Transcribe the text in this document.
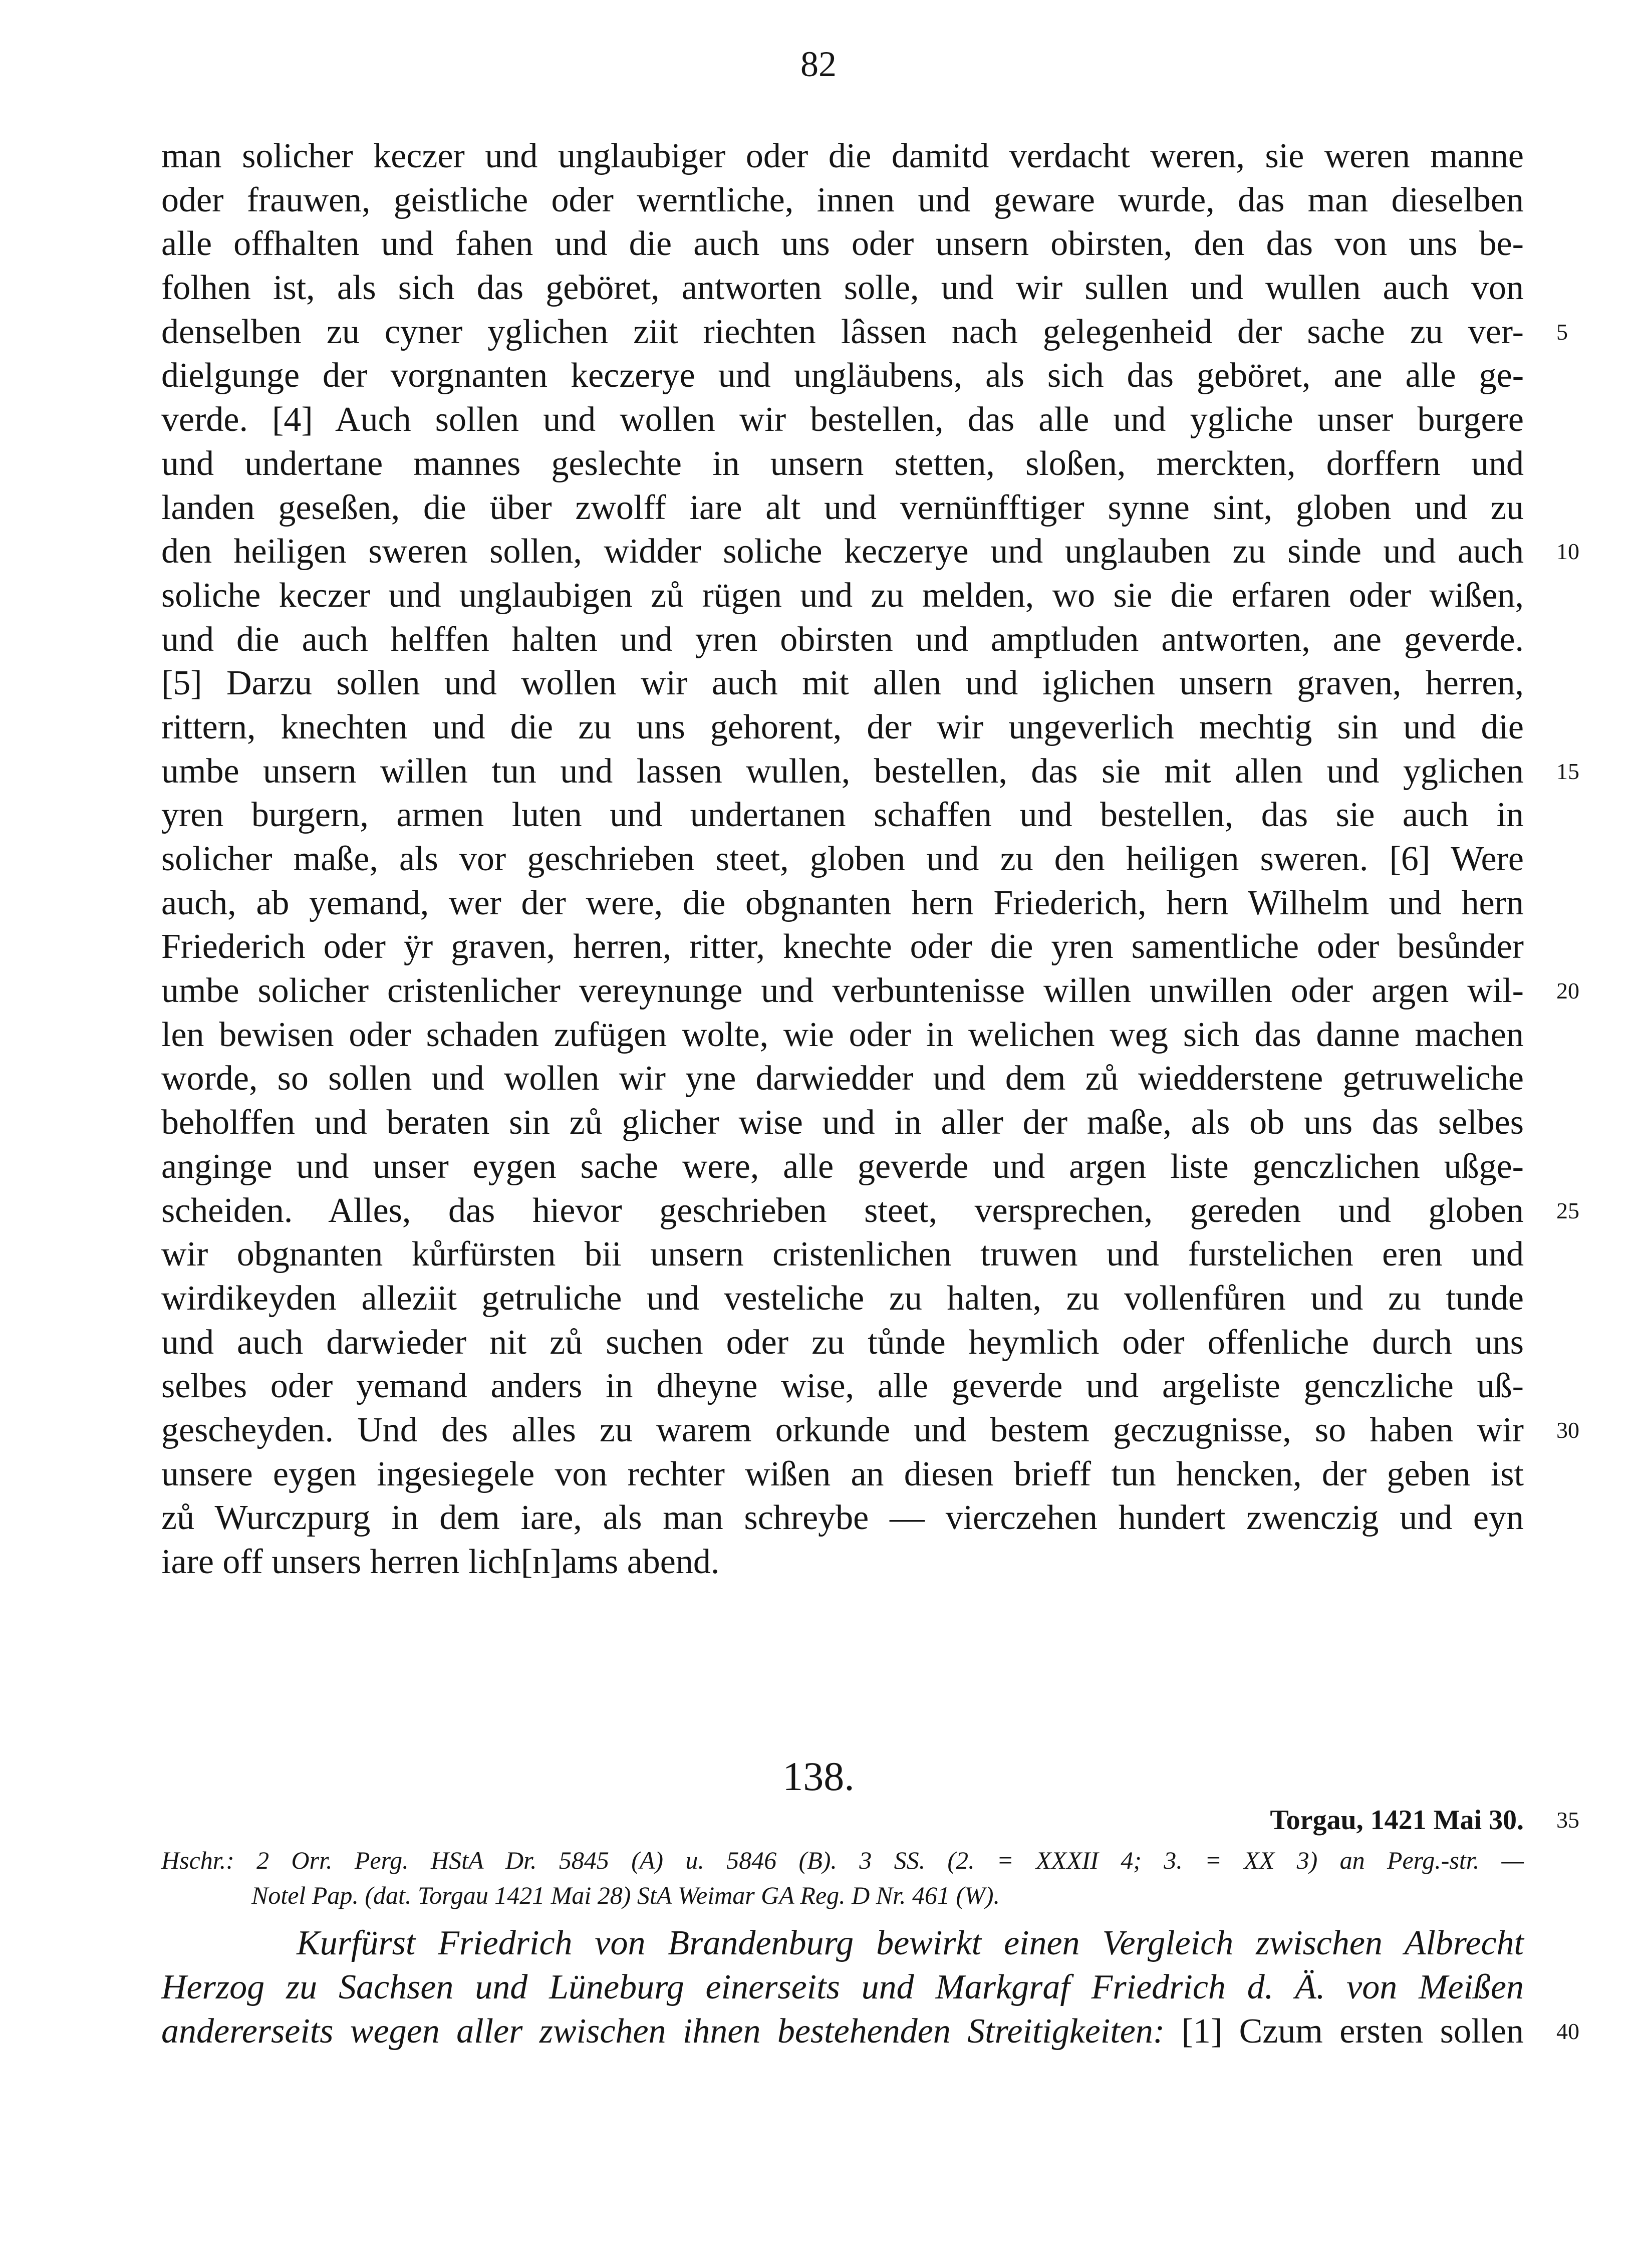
82
man solicher keczer und unglaubiger oder die damitd verdacht weren, sie weren manne
oder frauwen, geistliche oder werntliche, innen und geware wurde, das man dieselben
alle offhalten und fahen und die auch uns oder unsern obirsten, den das von uns be-
folhen ist, als sich das geböret, antworten solle, und wir sullen und wullen auch von
denselben zu cyner yglichen ziit riechten lâssen nach gelegenheid der sache zu ver- 5
dielgunge der vorgnanten keczerye und ungläubens, als sich das geböret, ane alle ge-
verde. [4] Auch sollen und wollen wir bestellen, das alle und ygliche unser burgere
und undertane mannes geslechte in unsern stetten, sloßen, merckten, dorffern und
landen geseßen, die über zwolff iare alt und vernünfftiger synne sint, globen und zu
den heiligen sweren sollen, widder soliche keczerye und unglauben zu sinde und auch 10
soliche keczer und unglaubigen zů rügen und zu melden, wo sie die erfaren oder wißen,
und die auch helffen halten und yren obirsten und amptluden antworten, ane geverde.
[5] Darzu sollen und wollen wir auch mit allen und iglichen unsern graven, herren,
rittern, knechten und die zu uns gehorent, der wir ungeverlich mechtig sin und die
umbe unsern willen tun und lassen wullen, bestellen, das sie mit allen und yglichen 15
yren burgern, armen luten und undertanen schaffen und bestellen, das sie auch in
solicher maße, als vor geschrieben steet, globen und zu den heiligen sweren. [6] Were
auch, ab yemand, wer der were, die obgnanten hern Friederich, hern Wilhelm und hern
Friederich oder ÿr graven, herren, ritter, knechte oder die yren samentliche oder besůnder
umbe solicher cristenlicher vereynunge und verbuntenisse willen unwillen oder argen wil- 20
len bewisen oder schaden zufügen wolte, wie oder in welichen weg sich das danne machen
worde, so sollen und wollen wir yne darwiedder und dem zů wiedderstene getruweliche
beholffen und beraten sin zů glicher wise und in aller der maße, als ob uns das selbes
anginge und unser eygen sache were, alle geverde und argen liste genczlichen ußge-
scheiden. Alles, das hievor geschrieben steet, versprechen, gereden und globen 25
wir obgnanten kůrfürsten bii unsern cristenlichen truwen und furstelichen eren und
wirdikeyden alleziit getruliche und vesteliche zu halten, zu vollenfůren und zu tunde
und auch darwieder nit zů suchen oder zu tůnde heymlich oder offenliche durch uns
selbes oder yemand anders in dheyne wise, alle geverde und argeliste genczliche uß-
gescheyden. Und des alles zu warem orkunde und bestem geczugnisse, so haben wir 30
unsere eygen ingesiegele von rechter wißen an diesen brieff tun hencken, der geben ist
zů Wurczpurg in dem iare, als man schreybe — vierczehen hundert zwenczig und eyn
iare off unsers herren lich[n]ams abend.
138.
Torgau, 1421 Mai 30. 35
Hschr.: 2 Orr. Perg. HStA Dr. 5845 (A) u. 5846 (B). 3 SS. (2. = XXXII 4; 3. = XX 3) an Perg.-str. —
Notel Pap. (dat. Torgau 1421 Mai 28) StA Weimar GA Reg. D Nr. 461 (W).
Kurfürst Friedrich von Brandenburg bewirkt einen Vergleich zwischen Albrecht
Herzog zu Sachsen und Lüneburg einerseits und Markgraf Friedrich d. Ä. von Meißen
andererseits wegen aller zwischen ihnen bestehenden Streitigkeiten: [1] Czum ersten sollen 40
